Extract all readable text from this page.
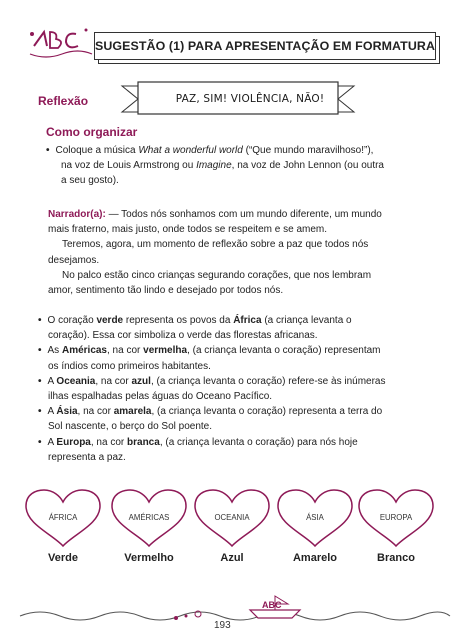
SUGESTÃO (1) PARA APRESENTAÇÃO EM FORMATURA
Reflexão	PAZ, SIM! VIOLÊNCIA, NÃO!
Como organizar
• Coloque a música What a wonderful world (“Que mundo maravilhoso!”),
na voz de Louis Armstrong ou Imagine, na voz de John Lennon (ou outra
a seu gosto).
Narrador(a): — Todos nós sonhamos com um mundo diferente, um mundo
mais fraterno, mais justo, onde todos se respeitem e se amem.
Teremos, agora, um momento de reflexão sobre a paz que todos nós
desejamos.
No palco estão cinco crianças segurando corações, que nos lembram
amor, sentimento tão lindo e desejado por todos nós.
• O coração verde representa os povos da África (a criança levanta o
coração). Essa cor simboliza o verde das florestas africanas.
• As Américas, na cor vermelha, (a criança levanta o coração) representam
os índios como primeiros habitantes.
• A Oceania, na cor azul, (a criança levanta o coração) refere-se às inúmeras
ilhas espalhadas pelas águas do Oceano Pacífico.
• A Ásia, na cor amarela, (a criança levanta o coração) representa a terra do
Sol nascente, o berço do Sol poente.
• A Europa, na cor branca, (a criança levanta o coração) para nós hoje
representa a paz.
ÁFRICA
Verde
AMÉRICAS
Vermelho
OCEANIA
Azul
ÁSIA
Amarelo
EUROPA
Branco
ABC
193
